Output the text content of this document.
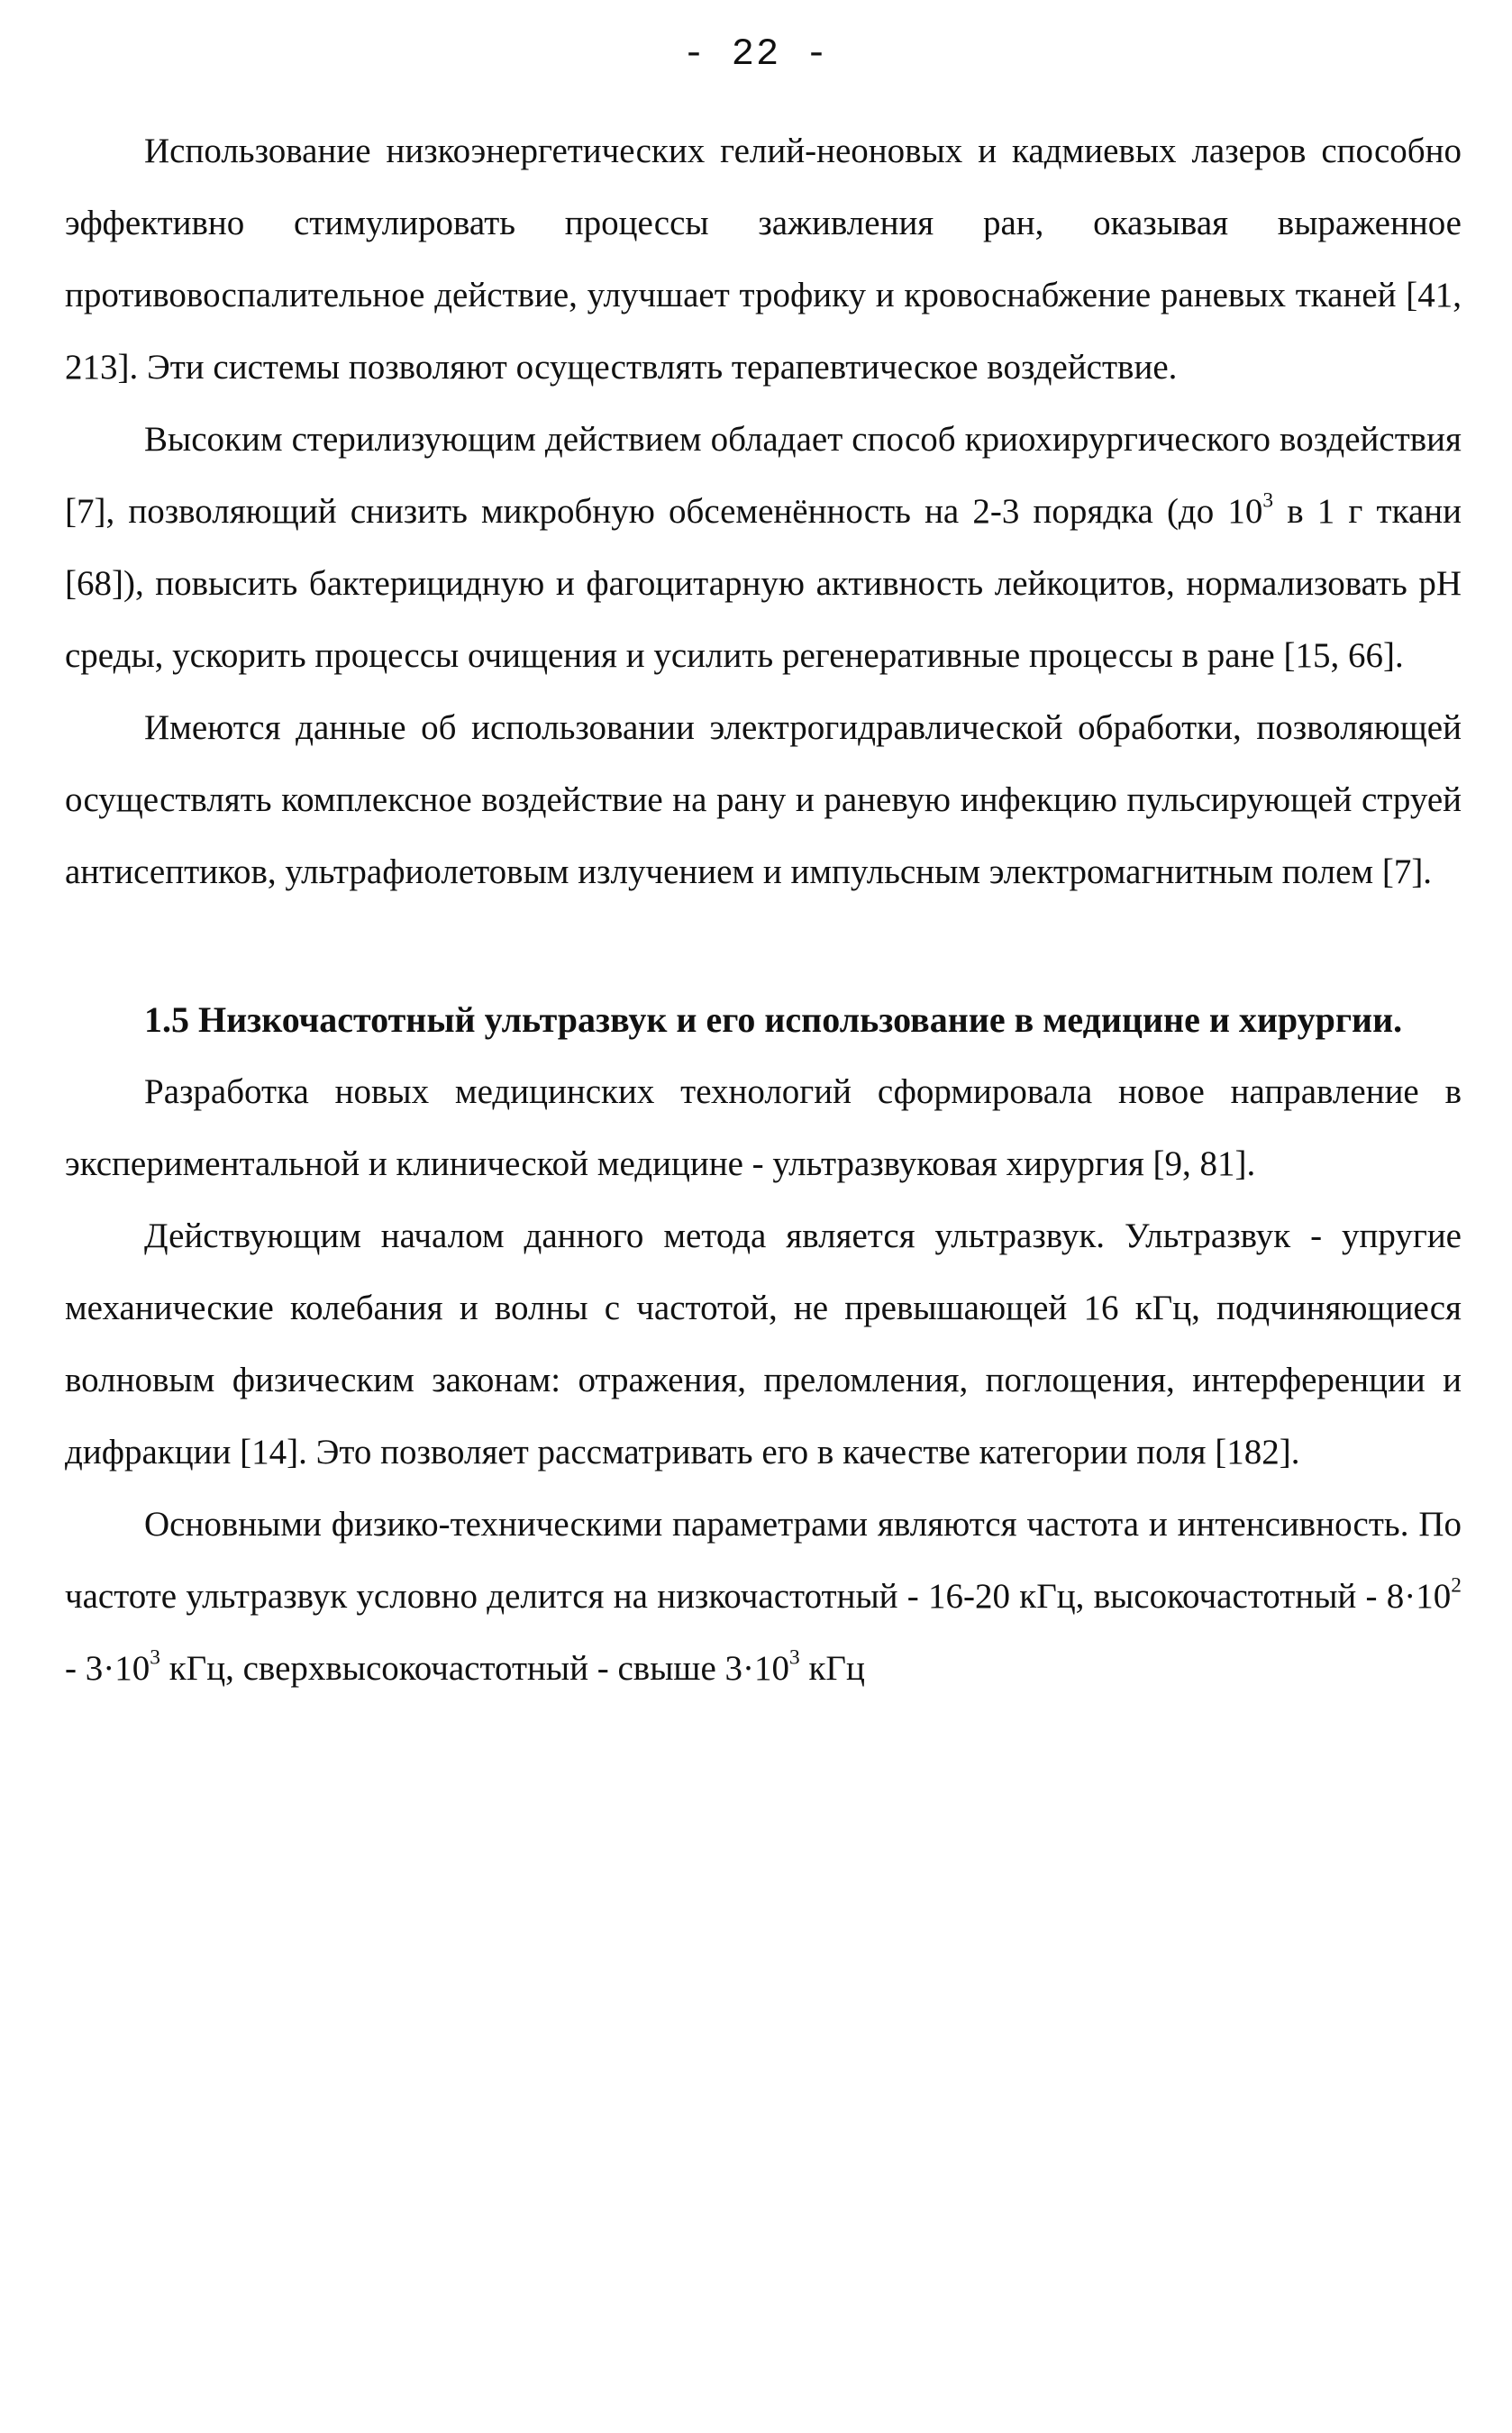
- 22 -

Использование низкоэнергетических гелий-неоновых и кадмиевых лазеров способно эффективно стимулировать процессы заживления ран, оказывая выраженное противовоспалительное действие, улучшает трофику и кровоснабжение раневых тканей [41, 213]. Эти системы позволяют осуществлять терапевтическое воздействие.

Высоким стерилизующим действием обладает способ криохирургического воздействия [7], позволяющий снизить микробную обсеменённость на 2-3 порядка (до $10^3$ в 1 г ткани [68]), повысить бактерицидную и фагоцитарную активность лейкоцитов, нормализовать pH среды, ускорить процессы очищения и усилить регенеративные процессы в ране [15, 66].

Имеются данные об использовании электрогидравлической обработки, позволяющей осуществлять комплексное воздействие на рану и раневую инфекцию пульсирующей струей антисептиков, ультрафиолетовым излучением и импульсным электромагнитным полем [7].

1.5 Низкочастотный ультразвук и его использование в медицине и хирургии.

Разработка новых медицинских технологий сформировала новое направление в экспериментальной и клинической медицине - ультразвуковая хирургия [9, 81].

Действующим началом данного метода является ультразвук. Ультразвук - упругие механические колебания и волны с частотой, не превышающей 16 кГц, подчиняющиеся волновым физическим законам: отражения, преломления, поглощения, интерференции и дифракции [14]. Это позволяет рассматривать его в качестве категории поля [182].

Основными физико-техническими параметрами являются частота и интенсивность. По частоте ультразвук условно делится на низкочастотный - 16-20 кГц, высокочастотный - $8\cdot 10^2 - 3\cdot 10^3$ кГц, сверхвысокочастотный - свыше $3\cdot 10^3$ кГц
